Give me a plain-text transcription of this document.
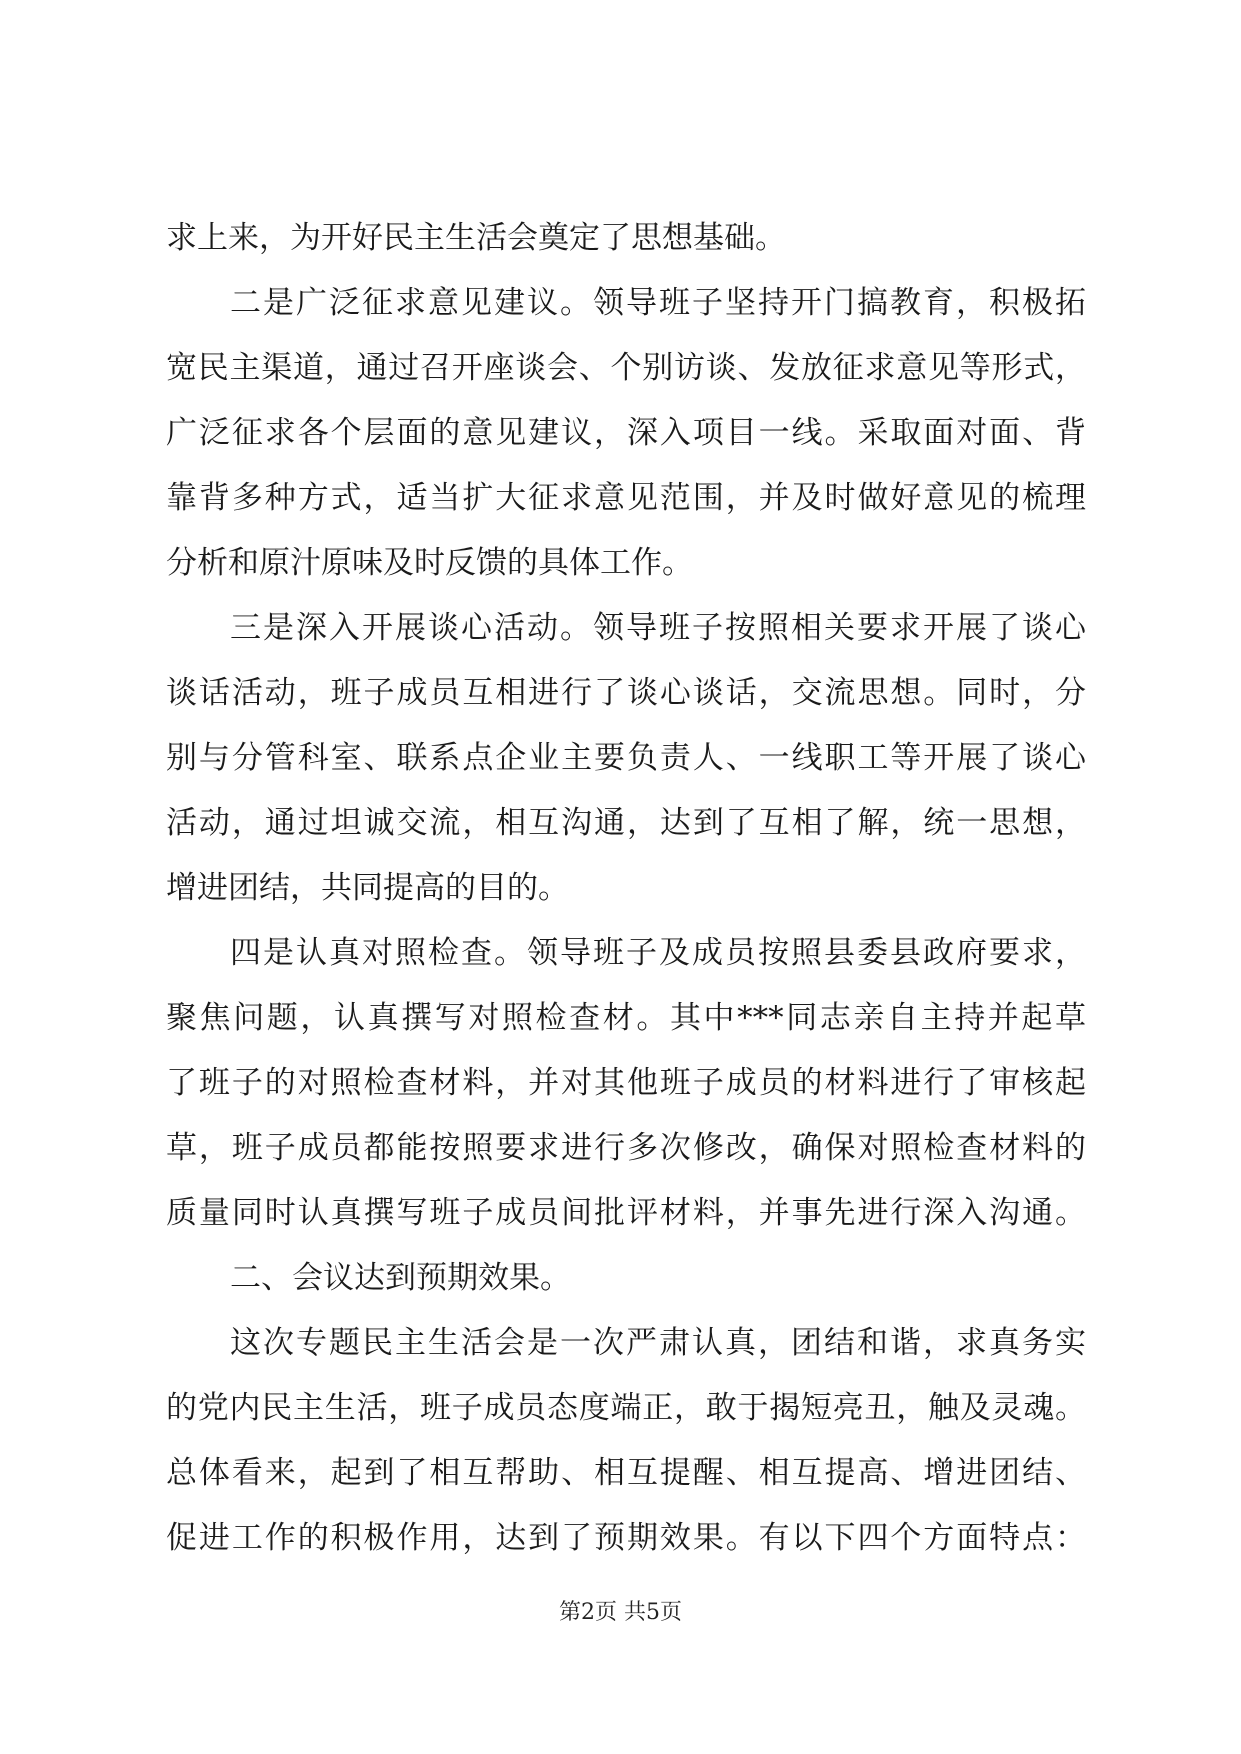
求上来，为开好民主生活会奠定了思想基础。
二是广泛征求意见建议。领导班子坚持开门搞教育，积极拓
宽民主渠道，通过召开座谈会、个别访谈、发放征求意见等形式，
广泛征求各个层面的意见建议，深入项目一线。采取面对面、背
靠背多种方式，适当扩大征求意见范围，并及时做好意见的梳理
分析和原汁原味及时反馈的具体工作。
三是深入开展谈心活动。领导班子按照相关要求开展了谈心
谈话活动，班子成员互相进行了谈心谈话，交流思想。同时，分
别与分管科室、联系点企业主要负责人、一线职工等开展了谈心
活动，通过坦诚交流，相互沟通，达到了互相了解，统一思想，
增进团结，共同提高的目的。
四是认真对照检查。领导班子及成员按照县委县政府要求，
聚焦问题，认真撰写对照检查材。其中***同志亲自主持并起草
了班子的对照检查材料，并对其他班子成员的材料进行了审核起
草，班子成员都能按照要求进行多次修改，确保对照检查材料的
质量同时认真撰写班子成员间批评材料，并事先进行深入沟通。
二、会议达到预期效果。
这次专题民主生活会是一次严肃认真，团结和谐，求真务实
的党内民主生活，班子成员态度端正，敢于揭短亮丑，触及灵魂。
总体看来，起到了相互帮助、相互提醒、相互提高、增进团结、
促进工作的积极作用，达到了预期效果。有以下四个方面特点：
第2页 共5页
